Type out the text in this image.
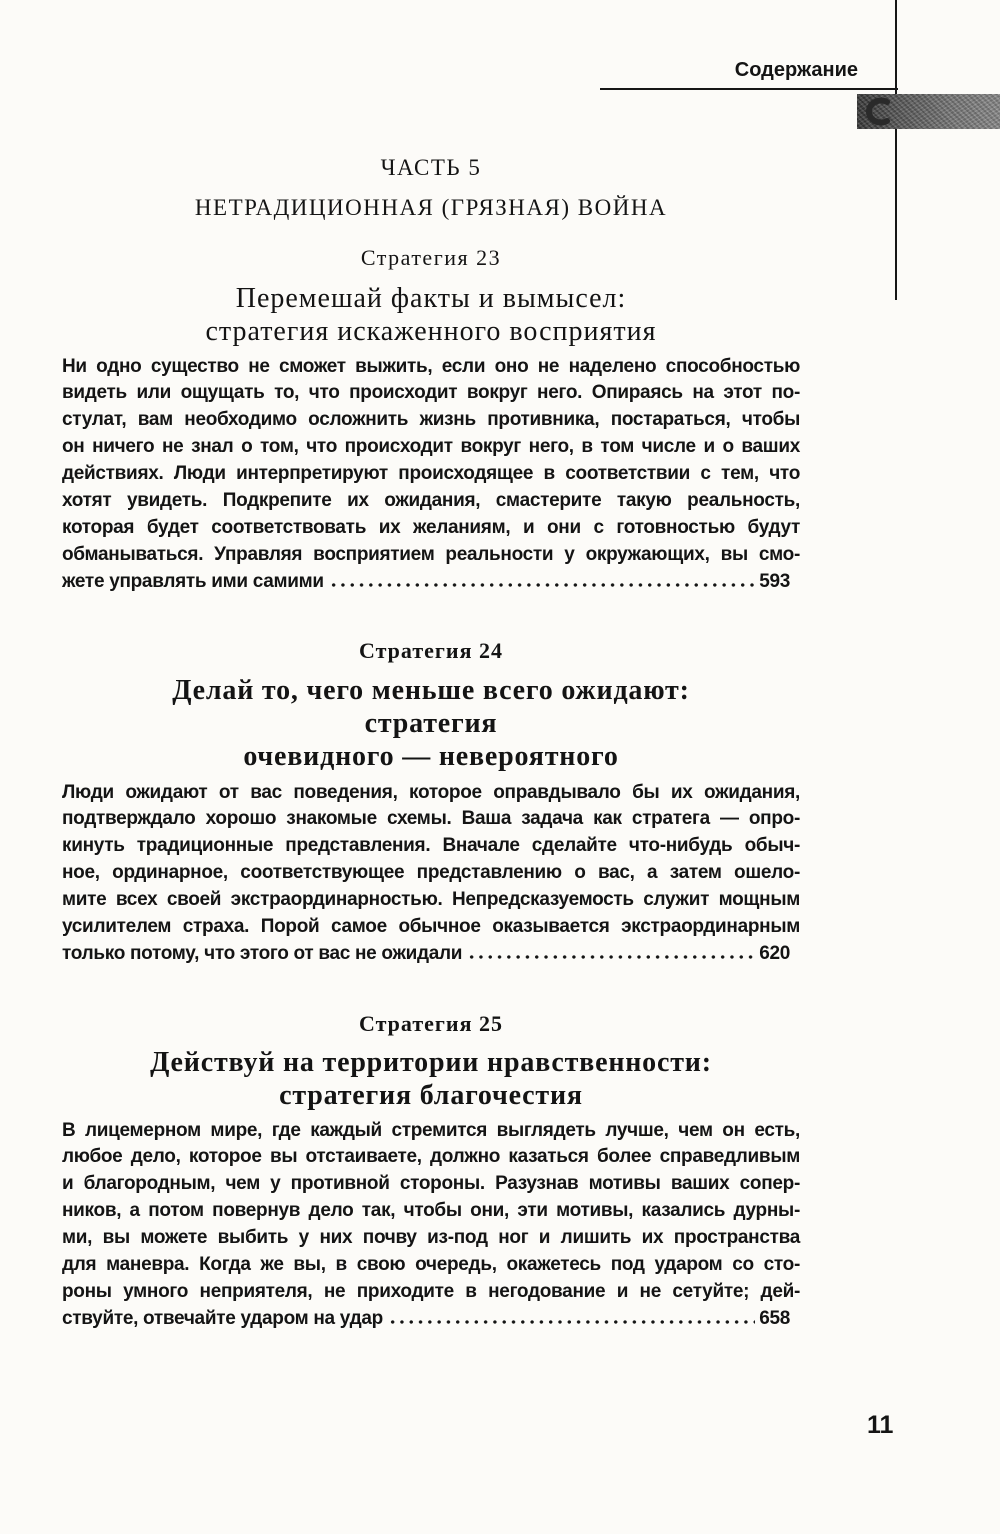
Содержание
ЧАСТЬ 5
НЕТРАДИЦИОННАЯ (ГРЯЗНАЯ) ВОЙНА
Стратегия 23
Перемешай факты и вымысел:
стратегия искаженного восприятия
Ни одно существо не сможет выжить, если оно не наделено способностью
видеть или ощущать то, что происходит вокруг него. Опираясь на этот по-
стулат, вам необходимо осложнить жизнь противника, постараться, чтобы
он ничего не знал о том, что происходит вокруг него, в том числе и о ваших
действиях. Люди интерпретируют происходящее в соответствии с тем, что
хотят увидеть. Подкрепите их ожидания, смастерите такую реальность,
которая будет соответствовать их желаниям, и они с готовностью будут
обманываться. Управляя восприятием реальности у окружающих, вы смо-
жете управлять ими самими	593
Стратегия 24
Делай то, чего меньше всего ожидают:
стратегия
очевидного — невероятного
Люди ожидают от вас поведения, которое оправдывало бы их ожидания,
подтверждало хорошо знакомые схемы. Ваша задача как стратега — опро-
кинуть традиционные представления. Вначале сделайте что-нибудь обыч-
ное, ординарное, соответствующее представлению о вас, а затем ошело-
мите всех своей экстраординарностью. Непредсказуемость служит мощным
усилителем страха. Порой самое обычное оказывается экстраординарным
только потому, что этого от вас не ожидали	620
Стратегия 25
Действуй на территории нравственности:
стратегия благочестия
В лицемерном мире, где каждый стремится выглядеть лучше, чем он есть,
любое дело, которое вы отстаиваете, должно казаться более справедливым
и благородным, чем у противной стороны. Разузнав мотивы ваших сопер-
ников, а потом повернув дело так, чтобы они, эти мотивы, казались дурны-
ми, вы можете выбить у них почву из-под ног и лишить их пространства
для маневра. Когда же вы, в свою очередь, окажетесь под ударом со сто-
роны умного неприятеля, не приходите в негодование и не сетуйте; дей-
ствуйте, отвечайте ударом на удар	658
11
